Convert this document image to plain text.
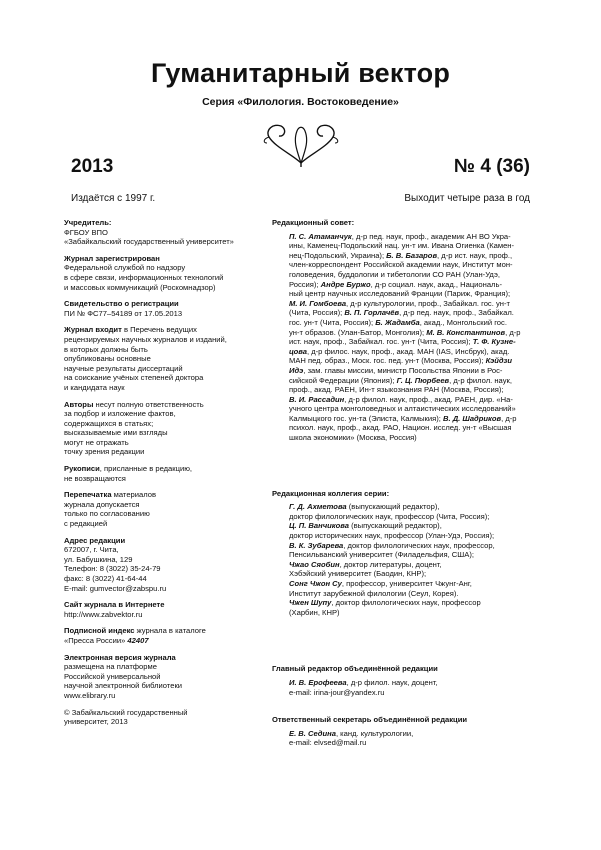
Гуманитарный вектор
Серия «Филология. Востоковедение»
2013	№ 4 (36)
Издаётся с 1997 г.	Выходит четыре раза в год
Учредитель:
ФГБОУ ВПО
«Забайкальский государственный университет»
Журнал зарегистрирован
Федеральной службой по надзору
в сфере связи, информационных технологий
и массовых коммуникаций (Роскомнадзор)
Свидетельство о регистрации
ПИ № ФС77–54189 от 17.05.2013
Журнал входит в Перечень ведущих
рецензируемых научных журналов и изданий,
в которых должны быть
опубликованы основные
научные результаты диссертаций
на соискание учёных степеней доктора
и кандидата наук
Авторы несут полную ответственность
за подбор и изложение фактов,
содержащихся в статьях;
высказываемые ими взгляды
могут не отражать
точку зрения редакции
Рукописи, присланные в редакцию,
не возвращаются
Перепечатка материалов
журнала допускается
только по согласованию
с редакцией
Адрес редакции
672007, г. Чита,
ул. Бабушкина, 129
Телефон: 8 (3022) 35-24-79
факс: 8 (3022) 41-64-44
E-mail: gumvector@zabspu.ru
Сайт журнала в Интернете
http://www.zabvektor.ru
Подписной индекс журнала в каталоге
«Пресса России» 42407
Электронная версия журнала
размещена на платформе
Российской универсальной
научной электронной библиотеки
www.elibrary.ru
© Забайкальский государственный
университет, 2013
Редакционный совет:
П. С. Атаманчук, д-р пед. наук, проф., академик АН ВО Укра-
ины, Каменец-Подольский нац. ун-т им. Ивана Огиенка (Камен-
нец-Подольский, Украина); Б. В. Базаров, д-р ист. наук, проф.,
член-корреспондент Российской академии наук, Институт мон-
головедения, буддологии и тибетологии СО РАН (Улан-Удэ,
Россия); Андре Буржо, д-р социал. наук, акад., Националь-
ный центр научных исследований Франции (Париж, Франция);
М. И. Гомбоева, д-р культурологии, проф., Забайкал. гос. ун-т
(Чита, Россия); В. П. Горлачёв, д-р пед. наук, проф., Забайкал.
гос. ун-т (Чита, Россия); Б. Жадамба, акад., Монгольский гос.
ун-т образов. (Улан-Батор, Монголия); М. В. Константинов, д-р
ист. наук, проф., Забайкал. гос. ун-т (Чита, Россия); Т. Ф. Кузне-
цова, д-р филос. наук, проф., акад. МАН (IAS, Инсбрук), акад.
МАН пед. образ., Моск. гос. пед. ун-т (Москва, Россия); Кэйдзи
Идэ, зам. главы миссии, министр Посольства Японии в Рос-
сийской Федерации (Япония); Г. Ц. Пюрбеев, д-р филол. наук,
проф., акад. РАЕН, Ин-т языкознания РАН (Москва, Россия);
В. И. Рассадин, д-р филол. наук, проф., акад. РАЕН, дир. «На-
учного центра монголоведных и алтаистических исследований»
Калмыцкого гос. ун-та (Элиста, Калмыкия); В. Д. Шадриков, д-р
психол. наук, проф., акад. РАО, Национ. исслед. ун-т «Высшая
школа экономики» (Москва, Россия)
Редакционная коллегия серии:
Г. Д. Ахметова (выпускающий редактор),
доктор филологических наук, профессор (Чита, Россия);
Ц. П. Ванчикова (выпускающий редактор),
доктор исторических наук, профессор (Улан-Удэ, Россия);
В. К. Зубарева, доктор филологических наук, профессор,
Пенсильванский университет (Филадельфия, США);
Чжао Сяобин, доктор литературы, доцент,
Хэбэйский университет (Баодин, КНР);
Сонг Чжон Су, профессор, университет Чжунг-Анг,
Институт зарубежной филологии (Сеул, Корея).
Чжен Шупу, доктор филологических наук, профессор
(Харбин, КНР)
Главный редактор объединённой редакции
И. В. Ерофеева, д-р филол. наук, доцент,
e-mail: irina-jour@yandex.ru
Ответственный секретарь объединённой редакции
Е. В. Седина, канд. культурологии,
e-mail: elvsed@mail.ru
